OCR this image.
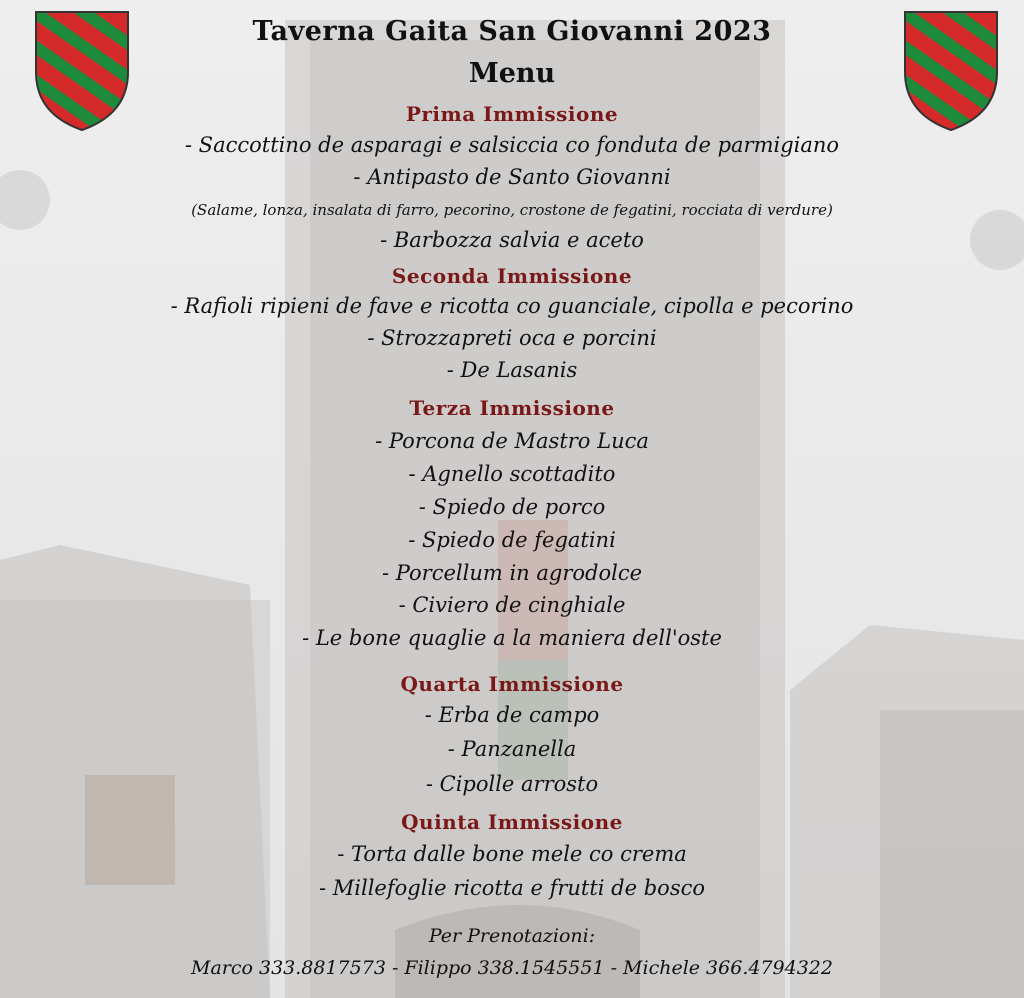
Taverna Gaita San Giovanni 2023
Menu
Prima Immissione
- Saccottino de asparagi e salsiccia co fonduta de parmigiano
- Antipasto de Santo Giovanni
(Salame, lonza, insalata di farro, pecorino, crostone de fegatini, rocciata di verdure)
- Barbozza salvia e aceto
Seconda Immissione
- Rafioli ripieni de fave e ricotta co guanciale, cipolla e pecorino
- Strozzapreti oca e porcini
- De Lasanis
Terza Immissione
- Porcona de Mastro Luca
- Agnello scottadito
- Spiedo de porco
- Spiedo de fegatini
- Porcellum in agrodolce
- Civiero de cinghiale
- Le bone quaglie a la maniera dell'oste
Quarta Immissione
- Erba de campo
- Panzanella
- Cipolle arrosto
Quinta Immissione
- Torta dalle bone mele co crema
- Millefoglie ricotta e frutti de bosco
Per Prenotazioni:
Marco 333.8817573 - Filippo 338.1545551 - Michele 366.4794322
